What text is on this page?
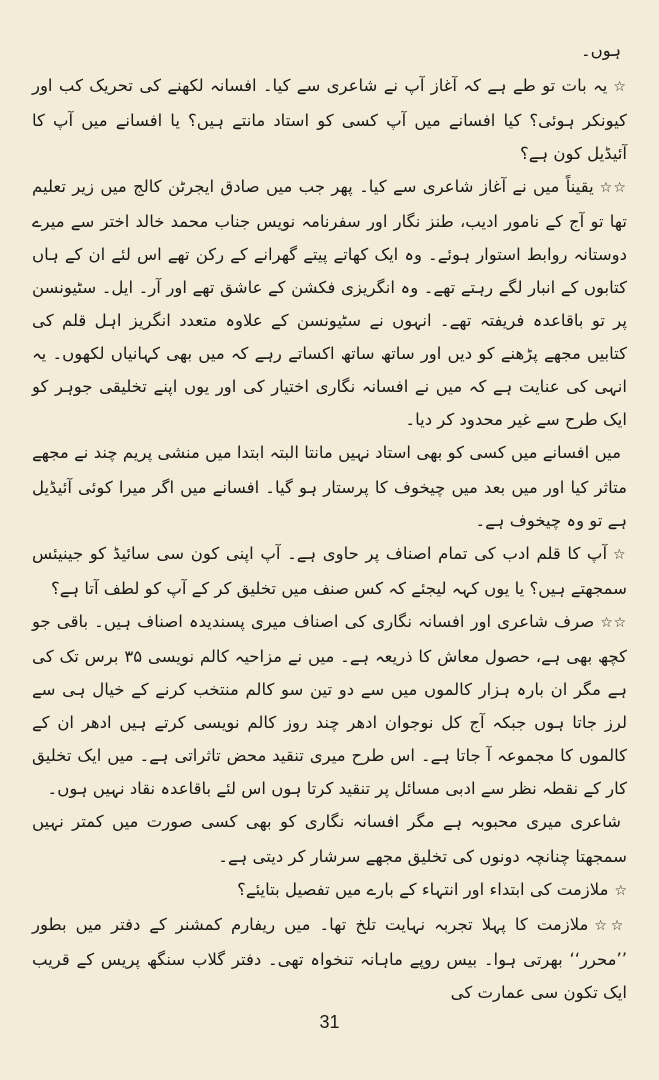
ہوں۔

☆یہ بات تو طے ہے کہ آغاز آپ نے شاعری سے کیا۔ افسانہ لکھنے کی تحریک کب اور کیونکر ہوئی؟ کیا افسانے میں آپ کسی کو استاد مانتے ہیں؟ یا افسانے میں آپ کا آئیڈیل کون ہے؟

☆☆یقیناً میں نے آغاز شاعری سے کیا۔ پھر جب میں صادق ایجرٹن کالج میں زیر تعلیم تھا تو آج کے نامور ادیب، طنز نگار اور سفرنامہ نویس جناب محمد خالد اختر سے میرے دوستانہ روابط استوار ہوئے۔ وہ ایک کھاتے پیتے گھرانے کے رکن تھے اس لئے ان کے ہاں کتابوں کے انبار لگے رہتے تھے۔ وہ انگریزی فکشن کے عاشق تھے اور آر۔ ایل۔ سٹیونسن پر تو باقاعدہ فریفتہ تھے۔ انہوں نے سٹیونسن کے علاوہ متعدد انگریز اہل قلم کی کتابیں مجھے پڑھنے کو دیں اور ساتھ ساتھ اکساتے رہے کہ میں بھی کہانیاں لکھوں۔ یہ انہی کی عنایت ہے کہ میں نے افسانہ نگاری اختیار کی اور یوں اپنے تخلیقی جوہر کو ایک طرح سے غیر محدود کر دیا۔

میں افسانے میں کسی کو بھی استاد نہیں مانتا البتہ ابتدا میں منشی پریم چند نے مجھے متاثر کیا اور میں بعد میں چیخوف کا پرستار ہو گیا۔ افسانے میں اگر میرا کوئی آئیڈیل ہے تو وہ چیخوف ہے۔

☆آپ کا قلم ادب کی تمام اصناف پر حاوی ہے۔ آپ اپنی کون سی سائیڈ کو جینیئس سمجھتے ہیں؟ یا یوں کہہ لیجئے کہ کس صنف میں تخلیق کر کے آپ کو لطف آتا ہے؟

☆☆صرف شاعری اور افسانہ نگاری کی اصناف میری پسندیدہ اصناف ہیں۔ باقی جو کچھ بھی ہے، حصول معاش کا ذریعہ ہے۔ میں نے مزاحیہ کالم نویسی ۳۵ برس تک کی ہے مگر ان بارہ ہزار کالموں میں سے دو تین سو کالم منتخب کرنے کے خیال ہی سے لرز جاتا ہوں جبکہ آج کل نوجوان ادھر چند روز کالم نویسی کرتے ہیں ادھر ان کے کالموں کا مجموعہ آ جاتا ہے۔ اس طرح میری تنقید محض تاثراتی ہے۔ میں ایک تخلیق کار کے نقطہ نظر سے ادبی مسائل پر تنقید کرتا ہوں اس لئے باقاعدہ نقاد نہیں ہوں۔

شاعری میری محبوبہ ہے مگر افسانہ نگاری کو بھی کسی صورت میں کمتر نہیں سمجھتا چنانچہ دونوں کی تخلیق مجھے سرشار کر دیتی ہے۔

☆ملازمت کی ابتداء اور انتہاء کے بارے میں تفصیل بتایئے؟

☆☆ملازمت کا پہلا تجربہ نہایت تلخ تھا۔ میں ریفارم کمشنر کے دفتر میں بطور ’’محرر‘‘ بھرتی ہوا۔ بیس روپے ماہانہ تنخواہ تھی۔ دفتر گلاب سنگھ پریس کے قریب ایک تکون سی عمارت کی

31
